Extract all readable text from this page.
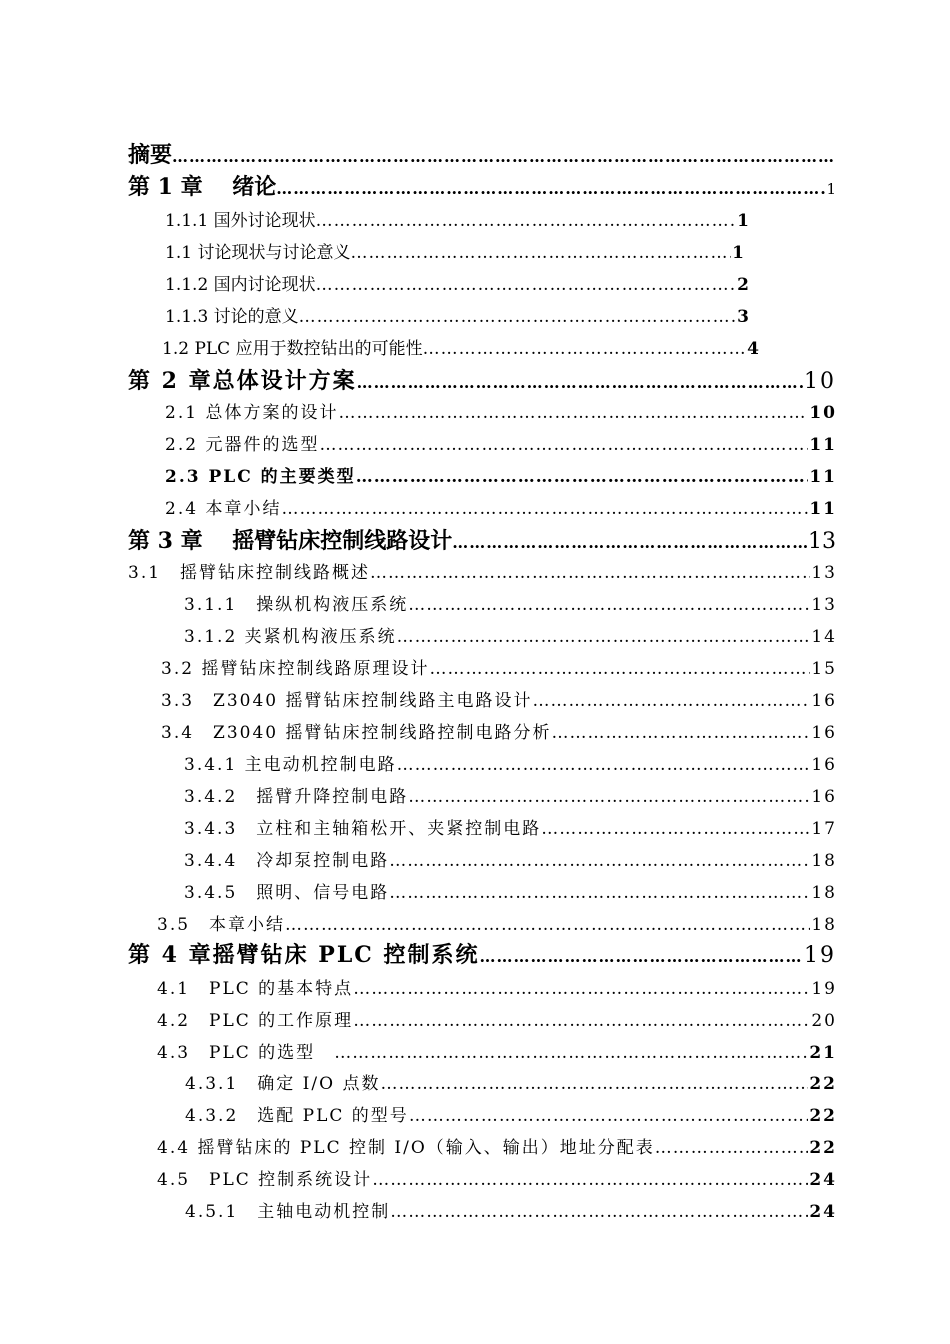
摘要
…………………………………………………………………………………………………………………………………………………………………………
第 1 章　 绪论 …………………………………………………………………………………………………………………………………………………………………………	1
1.1.1 国外讨论现状 …………………………………………………………………………………………………………………………………………………………………………	1
1.1 讨论现状与讨论意义 …………………………………………………………………………………………………………………………………………………………………………	1
1.1.2 国内讨论现状 …………………………………………………………………………………………………………………………………………………………………………	2
1.1.3 讨论的意义 …………………………………………………………………………………………………………………………………………………………………………	3
1.2 PLC 应用于数控钻出的可能性 …………………………………………………………………………………………………………………………………………………………………………	4
第 2 章总体设计方案 …………………………………………………………………………………………………………………………………………………………………………	10
2.1 总体方案的设计 …………………………………………………………………………………………………………………………………………………………………………	10
2.2 元器件的选型 …………………………………………………………………………………………………………………………………………………………………………	11
2.3 PLC 的主要类型 …………………………………………………………………………………………………………………………………………………………………………	11
2.4 本章小结 …………………………………………………………………………………………………………………………………………………………………………	11
第 3 章　 摇臂钻床控制线路设计 …………………………………………………………………………………………………………………………………………………………………………	13
3.1　摇臂钻床控制线路概述 …………………………………………………………………………………………………………………………………………………………………………	13
3.1.1　操纵机构液压系统 …………………………………………………………………………………………………………………………………………………………………………	13
3.1.2 夹紧机构液压系统 …………………………………………………………………………………………………………………………………………………………………………	14
3.2 摇臂钻床控制线路原理设计 …………………………………………………………………………………………………………………………………………………………………………	15
3.3　Z3040 摇臂钻床控制线路主电路设计 …………………………………………………………………………………………………………………………………………………………………………	16
3.4　Z3040 摇臂钻床控制线路控制电路分析 …………………………………………………………………………………………………………………………………………………………………………	16
3.4.1 主电动机控制电路 …………………………………………………………………………………………………………………………………………………………………………	16
3.4.2　摇臂升降控制电路 …………………………………………………………………………………………………………………………………………………………………………	16
3.4.3　立柱和主轴箱松开、夹紧控制电路 …………………………………………………………………………………………………………………………………………………………………………	17
3.4.4　冷却泵控制电路 …………………………………………………………………………………………………………………………………………………………………………	18
3.4.5　照明、信号电路 …………………………………………………………………………………………………………………………………………………………………………	18
3.5　本章小结 …………………………………………………………………………………………………………………………………………………………………………	18
第 4 章摇臂钻床 PLC 控制系统 …………………………………………………………………………………………………………………………………………………………………………	19
4.1　PLC 的基本特点 …………………………………………………………………………………………………………………………………………………………………………	19
4.2　PLC 的工作原理 …………………………………………………………………………………………………………………………………………………………………………	20
4.3　PLC 的选型　 …………………………………………………………………………………………………………………………………………………………………………	21
4.3.1　确定 I/O 点数 …………………………………………………………………………………………………………………………………………………………………………	22
4.3.2　选配 PLC 的型号 …………………………………………………………………………………………………………………………………………………………………………	22
4.4 摇臂钻床的 PLC 控制 I/O（输入、输出）地址分配表 …………………………………………………………………………………………………………………………………………………………………………	22
4.5　PLC 控制系统设计 …………………………………………………………………………………………………………………………………………………………………………	24
4.5.1　主轴电动机控制 …………………………………………………………………………………………………………………………………………………………………………	24
